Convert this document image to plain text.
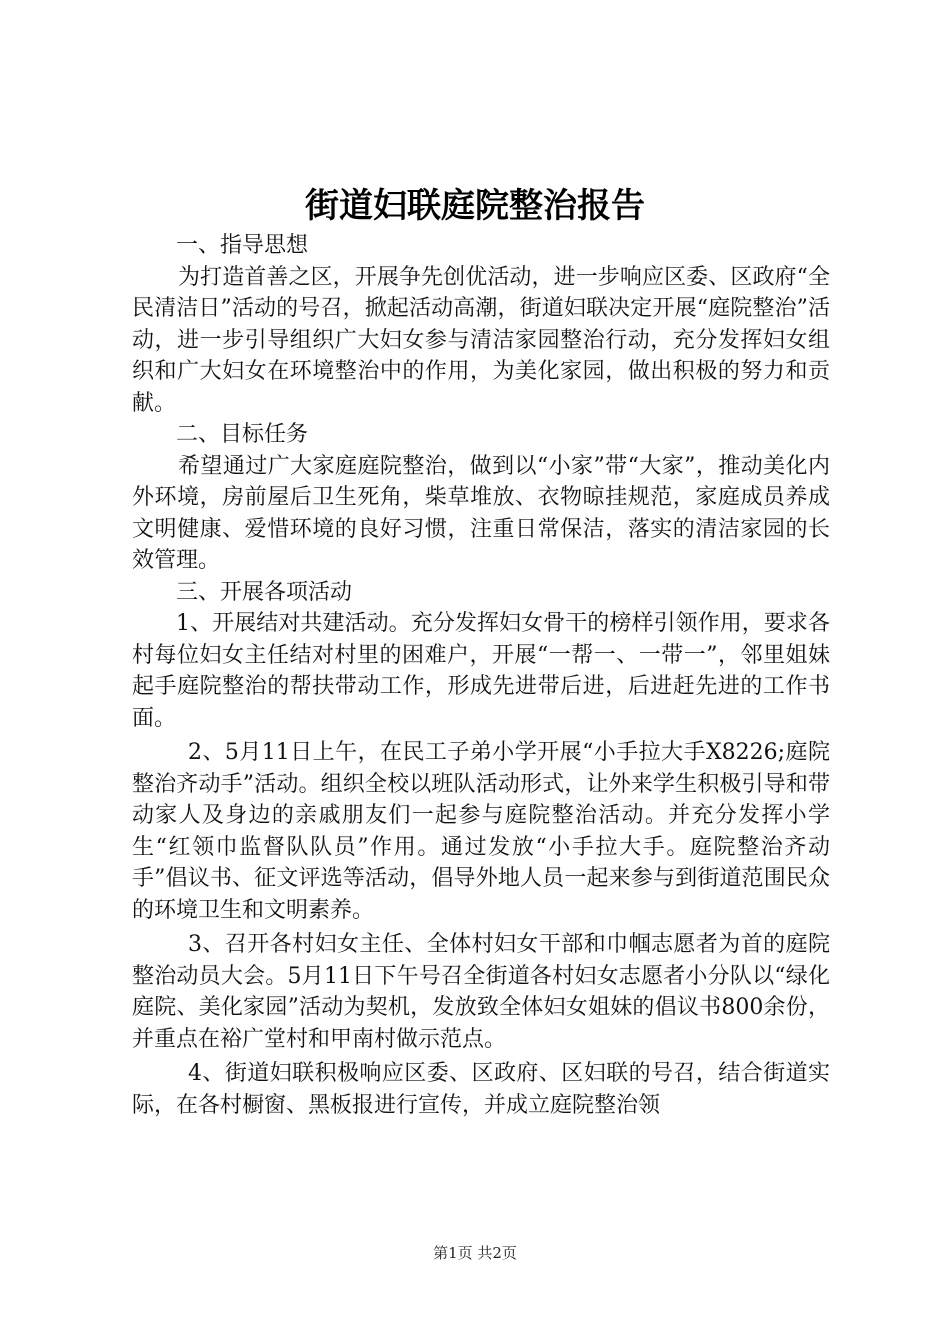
街道妇联庭院整治报告

一、指导思想

为打造首善之区，开展争先创优活动，进一步响应区委、区政府“全民清洁日”活动的号召，掀起活动高潮，街道妇联决定开展“庭院整治”活动，进一步引导组织广大妇女参与清洁家园整治行动，充分发挥妇女组织和广大妇女在环境整治中的作用，为美化家园，做出积极的努力和贡献。

二、目标任务

希望通过广大家庭庭院整治，做到以“小家”带“大家”，推动美化内外环境，房前屋后卫生死角，柴草堆放、衣物晾挂规范，家庭成员养成文明健康、爱惜环境的良好习惯，注重日常保洁，落实的清洁家园的长效管理。

三、开展各项活动

1、开展结对共建活动。充分发挥妇女骨干的榜样引领作用，要求各村每位妇女主任结对村里的困难户，开展“一帮一、一带一”，邻里姐妹起手庭院整治的帮扶带动工作，形成先进带后进，后进赶先进的工作书面。

2、5月11日上午，在民工子弟小学开展“小手拉大手X8226;庭院整治齐动手”活动。组织全校以班队活动形式，让外来学生积极引导和带动家人及身边的亲戚朋友们一起参与庭院整治活动。并充分发挥小学生“红领巾监督队队员”作用。通过发放“小手拉大手。庭院整治齐动手”倡议书、征文评选等活动，倡导外地人员一起来参与到街道范围民众的环境卫生和文明素养。

3、召开各村妇女主任、全体村妇女干部和巾帼志愿者为首的庭院整治动员大会。5月11日下午号召全街道各村妇女志愿者小分队以“绿化庭院、美化家园”活动为契机，发放致全体妇女姐妹的倡议书800余份，并重点在裕广堂村和甲南村做示范点。

4、街道妇联积极响应区委、区政府、区妇联的号召，结合街道实际，在各村橱窗、黑板报进行宣传，并成立庭院整治领

第1页 共2页
